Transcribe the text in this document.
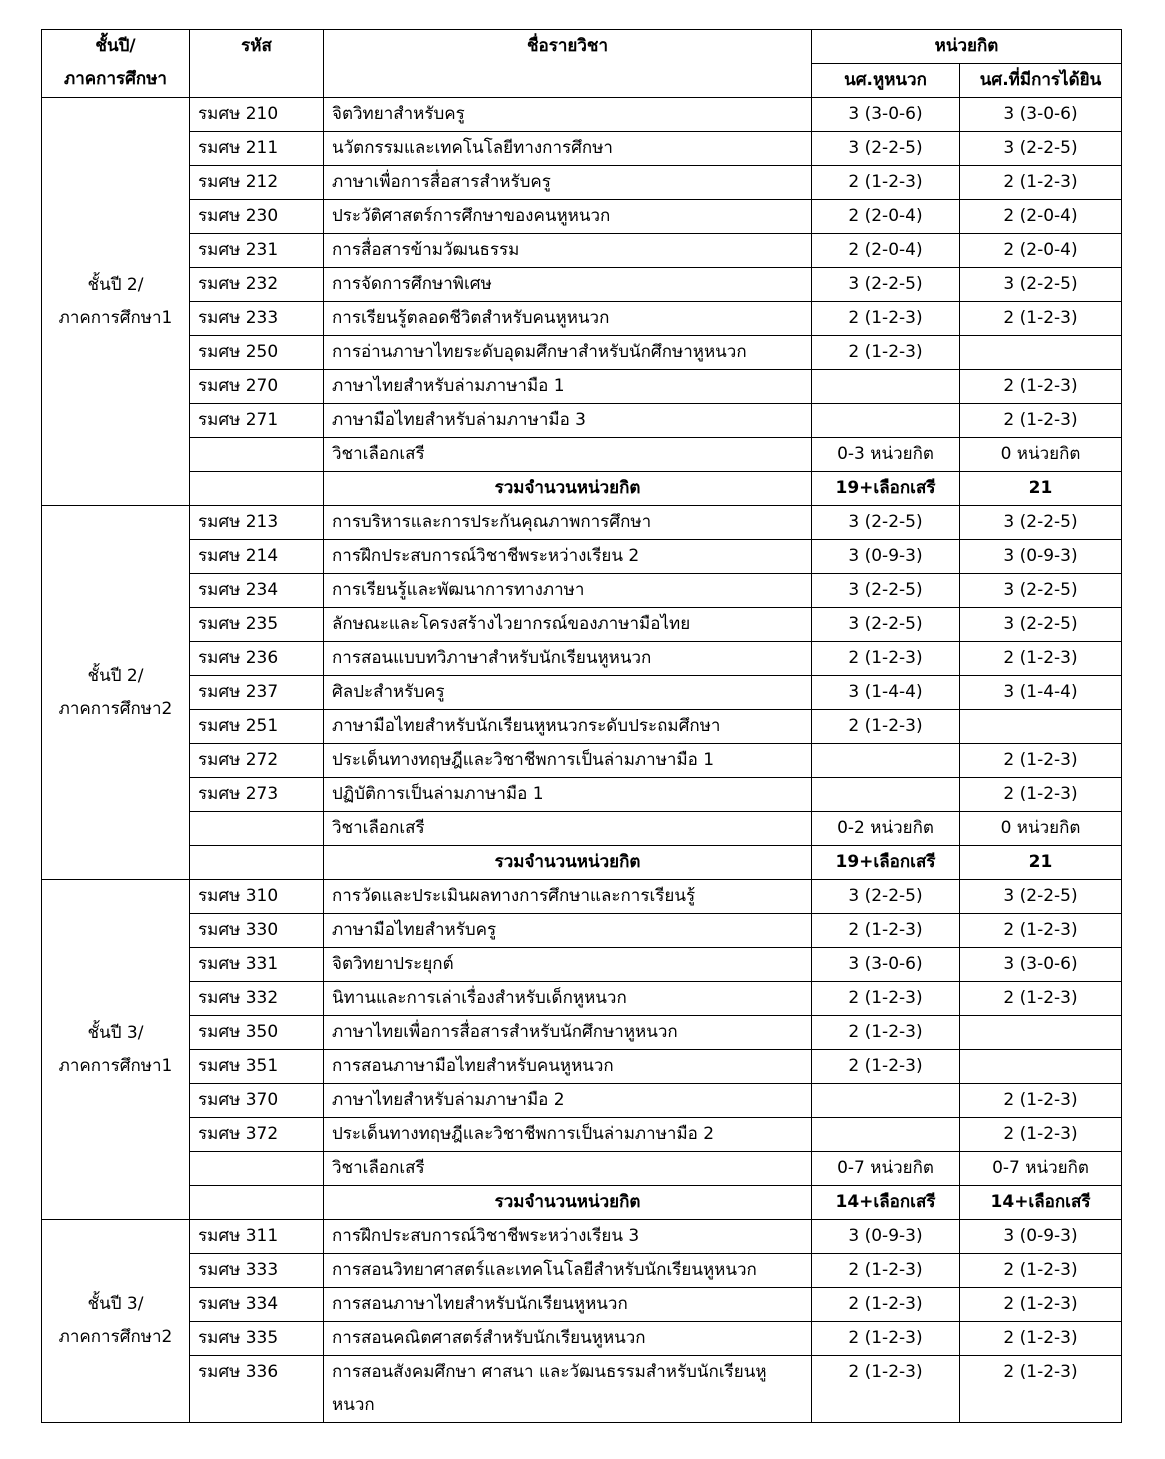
ชั้นปี/
ภาคการศึกษา	รหัส	ชื่อรายวิชา	หน่วยกิต	
			นศ.หูหนวก	นศ.ที่มีการได้ยิน

ชั้นปี 2/
ภาคการศึกษา1	รมศษ 210	จิตวิทยาสำหรับครู	3 (3-0-6)	3 (3-0-6)
	รมศษ 211	นวัตกรรมและเทคโนโลยีทางการศึกษา	3 (2-2-5)	3 (2-2-5)
	รมศษ 212	ภาษาเพื่อการสื่อสารสำหรับครู	2 (1-2-3)	2 (1-2-3)
	รมศษ 230	ประวัติศาสตร์การศึกษาของคนหูหนวก	2 (2-0-4)	2 (2-0-4)
	รมศษ 231	การสื่อสารข้ามวัฒนธรรม	2 (2-0-4)	2 (2-0-4)
	รมศษ 232	การจัดการศึกษาพิเศษ	3 (2-2-5)	3 (2-2-5)
	รมศษ 233	การเรียนรู้ตลอดชีวิตสำหรับคนหูหนวก	2 (1-2-3)	2 (1-2-3)
	รมศษ 250	การอ่านภาษาไทยระดับอุดมศึกษาสำหรับนักศึกษาหูหนวก	2 (1-2-3)	
	รมศษ 270	ภาษาไทยสำหรับล่ามภาษามือ 1		2 (1-2-3)
	รมศษ 271	ภาษามือไทยสำหรับล่ามภาษามือ 3		2 (1-2-3)
		วิชาเลือกเสรี	0-3 หน่วยกิต	0 หน่วยกิต
		รวมจำนวนหน่วยกิต	19+เลือกเสรี	21

ชั้นปี 2/
ภาคการศึกษา2	รมศษ 213	การบริหารและการประกันคุณภาพการศึกษา	3 (2-2-5)	3 (2-2-5)
	รมศษ 214	การฝึกประสบการณ์วิชาชีพระหว่างเรียน 2	3 (0-9-3)	3 (0-9-3)
	รมศษ 234	การเรียนรู้และพัฒนาการทางภาษา	3 (2-2-5)	3 (2-2-5)
	รมศษ 235	ลักษณะและโครงสร้างไวยากรณ์ของภาษามือไทย	3 (2-2-5)	3 (2-2-5)
	รมศษ 236	การสอนแบบทวิภาษาสำหรับนักเรียนหูหนวก	2 (1-2-3)	2 (1-2-3)
	รมศษ 237	ศิลปะสำหรับครู	3 (1-4-4)	3 (1-4-4)
	รมศษ 251	ภาษามือไทยสำหรับนักเรียนหูหนวกระดับประถมศึกษา	2 (1-2-3)	
	รมศษ 272	ประเด็นทางทฤษฎีและวิชาชีพการเป็นล่ามภาษามือ 1		2 (1-2-3)
	รมศษ 273	ปฏิบัติการเป็นล่ามภาษามือ 1		2 (1-2-3)
		วิชาเลือกเสรี	0-2 หน่วยกิต	0 หน่วยกิต
		รวมจำนวนหน่วยกิต	19+เลือกเสรี	21

ชั้นปี 3/
ภาคการศึกษา1	รมศษ 310	การวัดและประเมินผลทางการศึกษาและการเรียนรู้	3 (2-2-5)	3 (2-2-5)
	รมศษ 330	ภาษามือไทยสำหรับครู	2 (1-2-3)	2 (1-2-3)
	รมศษ 331	จิตวิทยาประยุกต์	3 (3-0-6)	3 (3-0-6)
	รมศษ 332	นิทานและการเล่าเรื่องสำหรับเด็กหูหนวก	2 (1-2-3)	2 (1-2-3)
	รมศษ 350	ภาษาไทยเพื่อการสื่อสารสำหรับนักศึกษาหูหนวก	2 (1-2-3)	
	รมศษ 351	การสอนภาษามือไทยสำหรับคนหูหนวก	2 (1-2-3)	
	รมศษ 370	ภาษาไทยสำหรับล่ามภาษามือ 2		2 (1-2-3)
	รมศษ 372	ประเด็นทางทฤษฎีและวิชาชีพการเป็นล่ามภาษามือ 2		2 (1-2-3)
		วิชาเลือกเสรี	0-7 หน่วยกิต	0-7 หน่วยกิต
		รวมจำนวนหน่วยกิต	14+เลือกเสรี	14+เลือกเสรี

ชั้นปี 3/
ภาคการศึกษา2	รมศษ 311	การฝึกประสบการณ์วิชาชีพระหว่างเรียน 3	3 (0-9-3)	3 (0-9-3)
	รมศษ 333	การสอนวิทยาศาสตร์และเทคโนโลยีสำหรับนักเรียนหูหนวก	2 (1-2-3)	2 (1-2-3)
	รมศษ 334	การสอนภาษาไทยสำหรับนักเรียนหูหนวก	2 (1-2-3)	2 (1-2-3)
	รมศษ 335	การสอนคณิตศาสตร์สำหรับนักเรียนหูหนวก	2 (1-2-3)	2 (1-2-3)
	รมศษ 336	การสอนสังคมศึกษา ศาสนา และวัฒนธรรมสำหรับนักเรียนหูหนวก	2 (1-2-3)	2 (1-2-3)
